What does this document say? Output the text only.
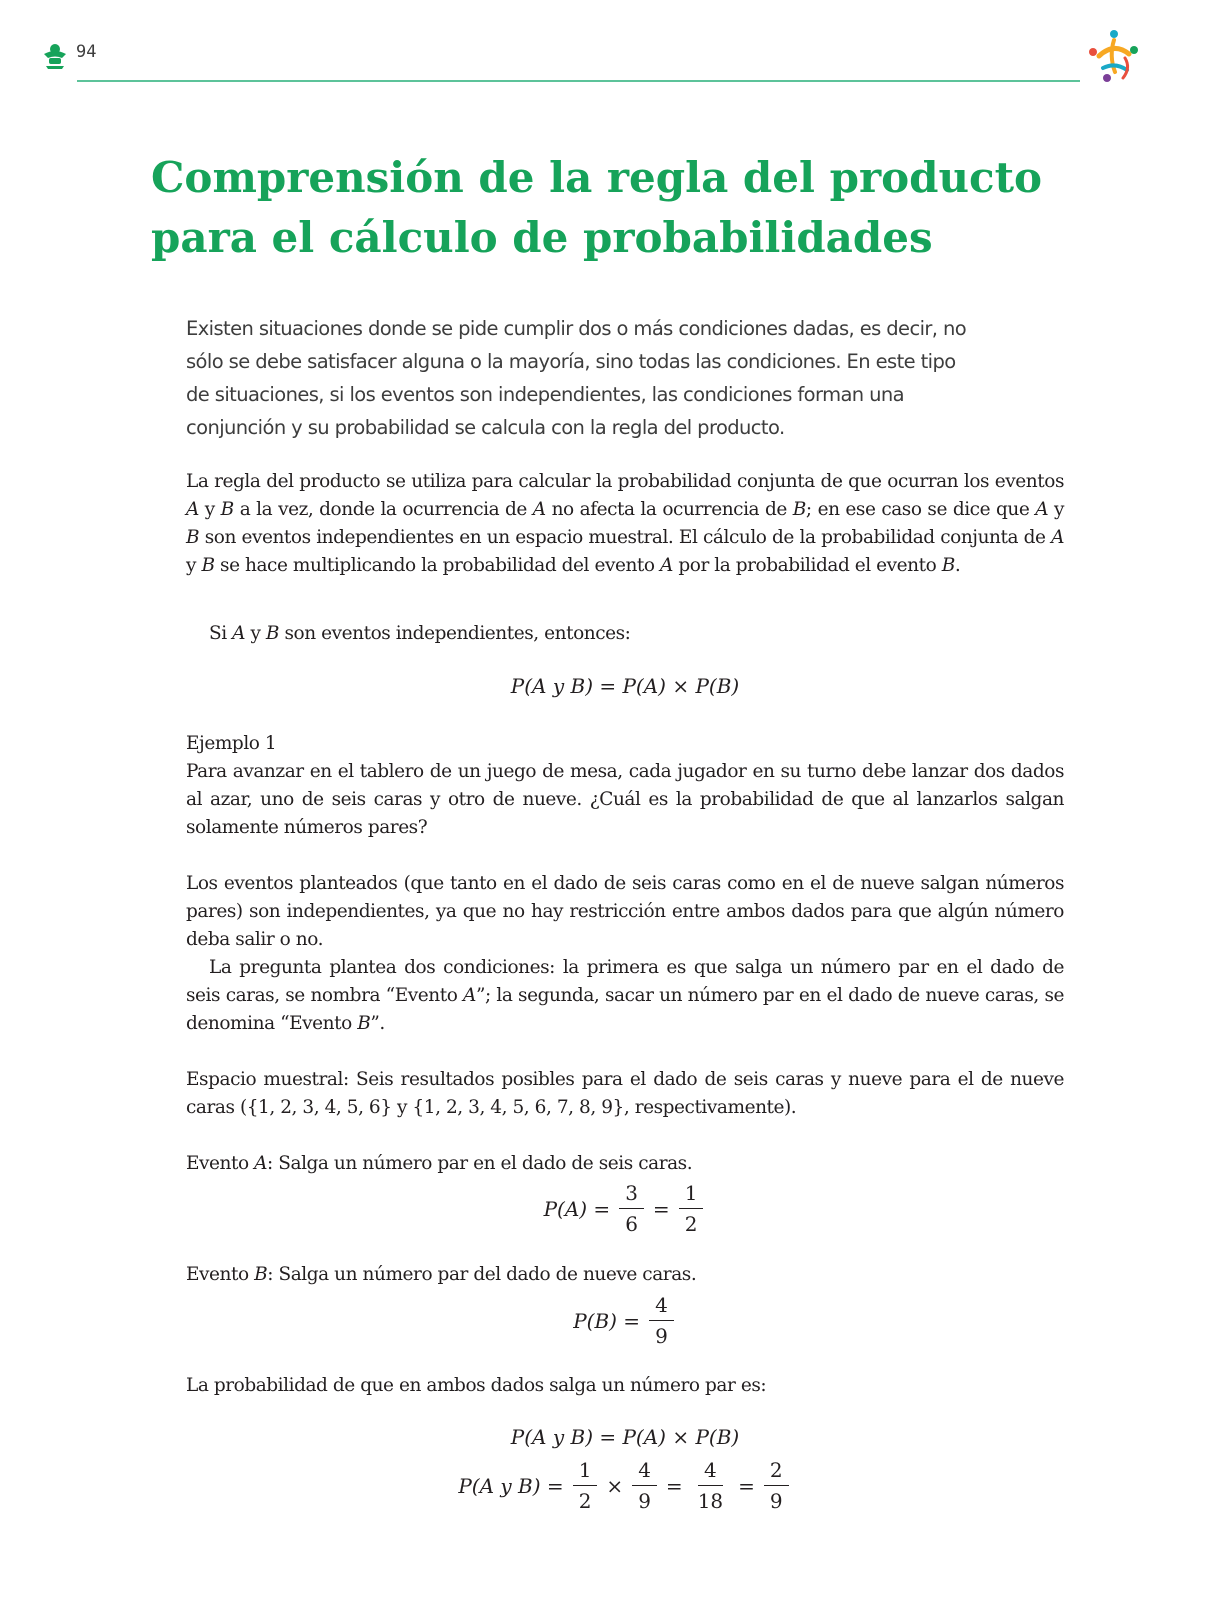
94
Comprensión de la regla del producto
para el cálculo de probabilidades

Existen situaciones donde se pide cumplir dos o más condiciones dadas, es decir, no sólo se debe satisfacer alguna o la mayoría, sino todas las condiciones. En este tipo de situaciones, si los eventos son independientes, las condiciones forman una conjunción y su probabilidad se calcula con la regla del producto.

La regla del producto se utiliza para calcular la probabilidad conjunta de que ocurran los eventos A y B a la vez, donde la ocurrencia de A no afecta la ocurrencia de B; en ese caso se dice que A y B son eventos independientes en un espacio muestral. El cálculo de la probabilidad conjunta de A y B se hace multiplicando la probabilidad del evento A por la probabilidad el evento B.

Si A y B son eventos independientes, entonces:

P(A y B) = P(A) × P(B)

Ejemplo 1

Para avanzar en el tablero de un juego de mesa, cada jugador en su turno debe lanzar dos dados al azar, uno de seis caras y otro de nueve. ¿Cuál es la probabilidad de que al lanzarlos salgan solamente números pares?

Los eventos planteados (que tanto en el dado de seis caras como en el de nueve salgan números pares) son independientes, ya que no hay restricción entre ambos dados para que algún número deba salir o no.

La pregunta plantea dos condiciones: la primera es que salga un número par en el dado de seis caras, se nombra “Evento A”; la segunda, sacar un número par en el dado de nueve caras, se denomina “Evento B”.

Espacio muestral: Seis resultados posibles para el dado de seis caras y nueve para el de nueve caras ({1, 2, 3, 4, 5, 6} y {1, 2, 3, 4, 5, 6, 7, 8, 9}, respectivamente).

Evento A: Salga un número par en el dado de seis caras.

$P(A) = \frac{3}{6} = \frac{1}{2}$

Evento B: Salga un número par del dado de nueve caras.

$P(B) = \frac{4}{9}$

La probabilidad de que en ambos dados salga un número par es:

P(A y B) = P(A) × P(B)
P(A y $B) = \frac{1}{2} \times \frac{4}{9} = \frac{4}{18} = \frac{2}{9}$
